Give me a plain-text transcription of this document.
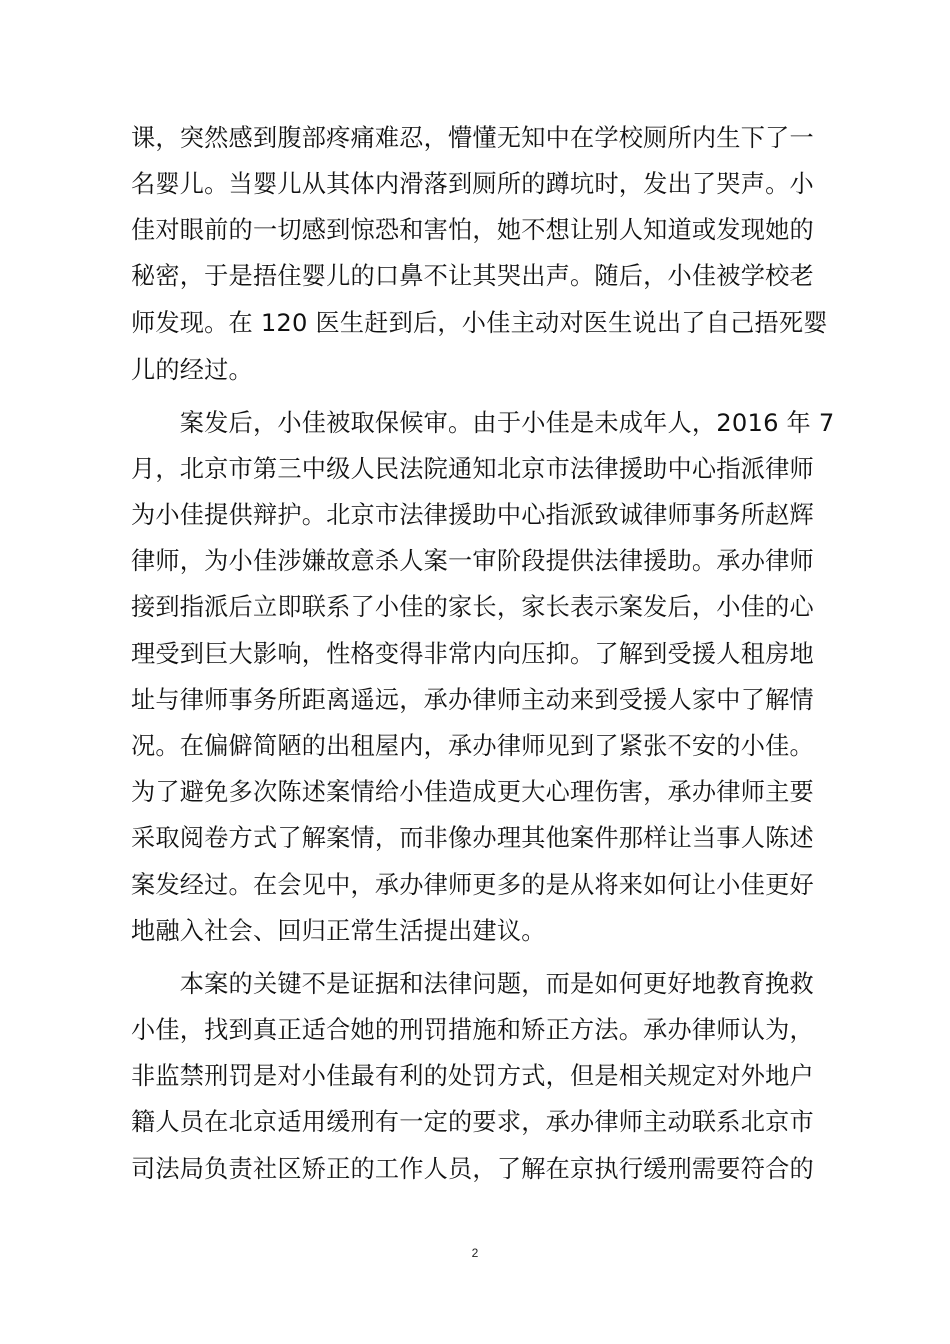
课，突然感到腹部疼痛难忍，懵懂无知中在学校厕所内生下了一
名婴儿。当婴儿从其体内滑落到厕所的蹲坑时，发出了哭声。小
佳对眼前的一切感到惊恐和害怕，她不想让别人知道或发现她的
秘密，于是捂住婴儿的口鼻不让其哭出声。随后，小佳被学校老
师发现。在 120 医生赶到后，小佳主动对医生说出了自己捂死婴
儿的经过。
　　案发后，小佳被取保候审。由于小佳是未成年人，2016 年 7
月，北京市第三中级人民法院通知北京市法律援助中心指派律师
为小佳提供辩护。北京市法律援助中心指派致诚律师事务所赵辉
律师，为小佳涉嫌故意杀人案一审阶段提供法律援助。承办律师
接到指派后立即联系了小佳的家长，家长表示案发后，小佳的心
理受到巨大影响，性格变得非常内向压抑。了解到受援人租房地
址与律师事务所距离遥远，承办律师主动来到受援人家中了解情
况。在偏僻简陋的出租屋内，承办律师见到了紧张不安的小佳。
为了避免多次陈述案情给小佳造成更大心理伤害，承办律师主要
采取阅卷方式了解案情，而非像办理其他案件那样让当事人陈述
案发经过。在会见中，承办律师更多的是从将来如何让小佳更好
地融入社会、回归正常生活提出建议。
　　本案的关键不是证据和法律问题，而是如何更好地教育挽救
小佳，找到真正适合她的刑罚措施和矫正方法。承办律师认为，
非监禁刑罚是对小佳最有利的处罚方式，但是相关规定对外地户
籍人员在北京适用缓刑有一定的要求，承办律师主动联系北京市
司法局负责社区矫正的工作人员，了解在京执行缓刑需要符合的
2
